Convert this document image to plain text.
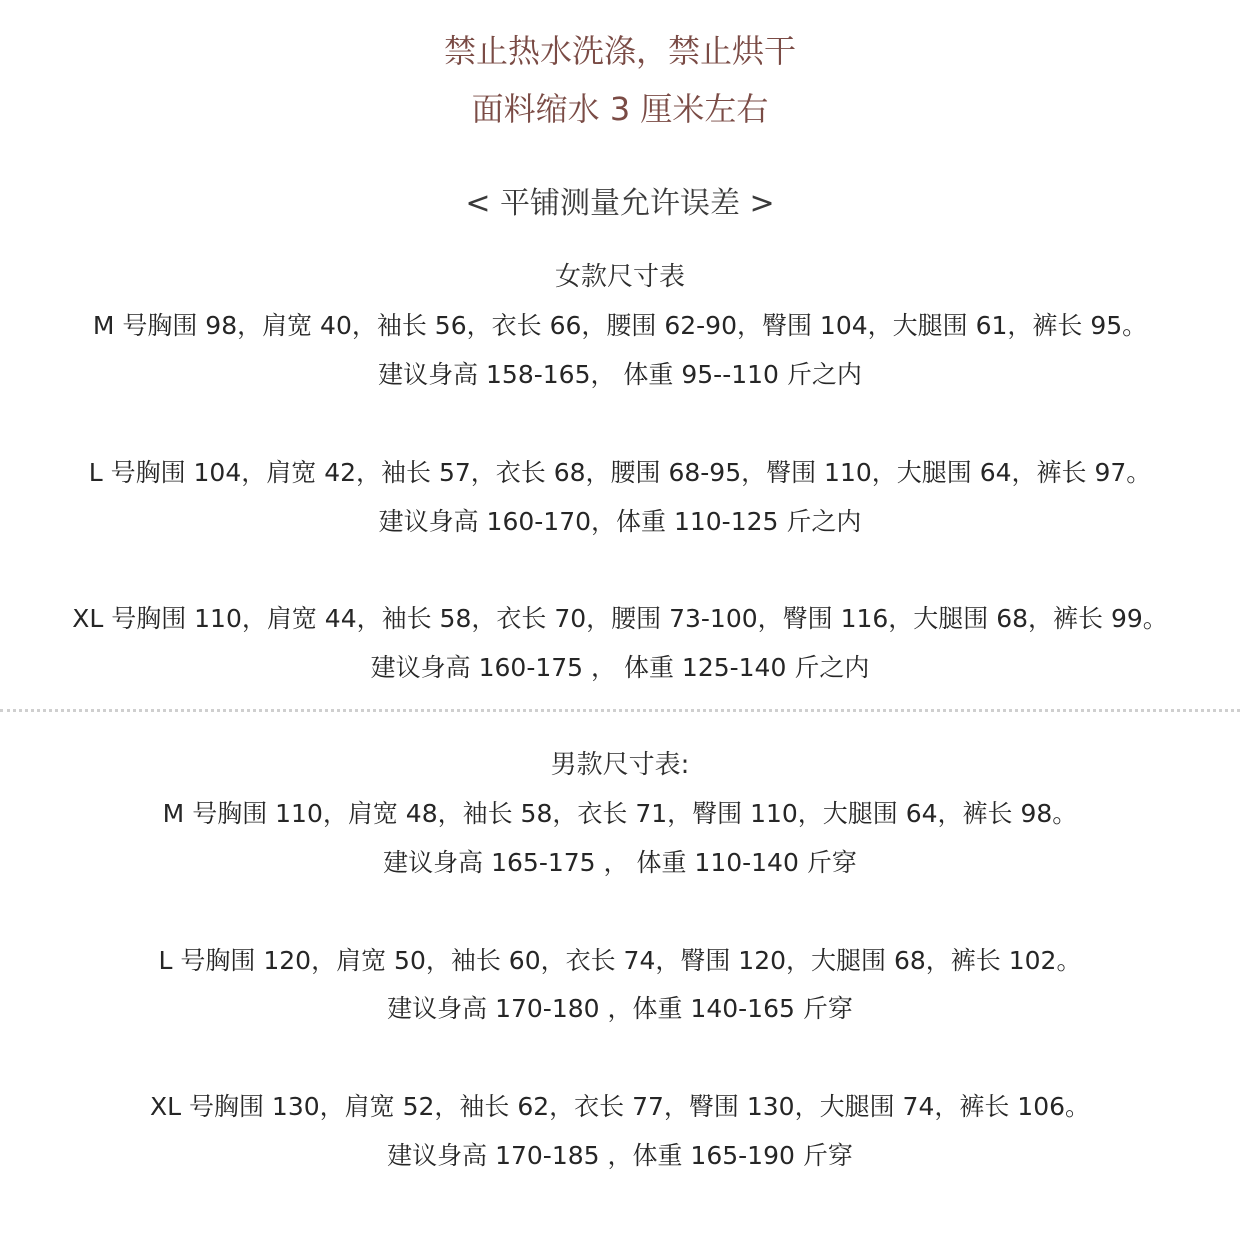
禁止热水洗涤，禁止烘干
面料缩水 3 厘米左右
< 平铺测量允许误差 >
女款尺寸表
M 号胸围 98，肩宽 40，袖长 56，衣长 66，腰围 62-90，臀围 104，大腿围 61，裤长 95。
建议身高 158-165， 体重 95--110 斤之内
L 号胸围 104，肩宽 42，袖长 57，衣长 68，腰围 68-95，臀围 110，大腿围 64，裤长 97。
建议身高 160-170，体重 110-125 斤之内
XL 号胸围 110，肩宽 44，袖长 58，衣长 70，腰围 73-100，臀围 116，大腿围 68，裤长 99。
建议身高 160-175 ， 体重 125-140 斤之内
男款尺寸表:
M 号胸围 110，肩宽 48，袖长 58，衣长 71，臀围 110，大腿围 64，裤长 98。
建议身高 165-175 ， 体重 110-140 斤穿
L 号胸围 120，肩宽 50，袖长 60，衣长 74，臀围 120，大腿围 68，裤长 102。
建议身高 170-180 ，体重 140-165 斤穿
XL 号胸围 130，肩宽 52，袖长 62，衣长 77，臀围 130，大腿围 74，裤长 106。
建议身高 170-185 ，体重 165-190 斤穿
